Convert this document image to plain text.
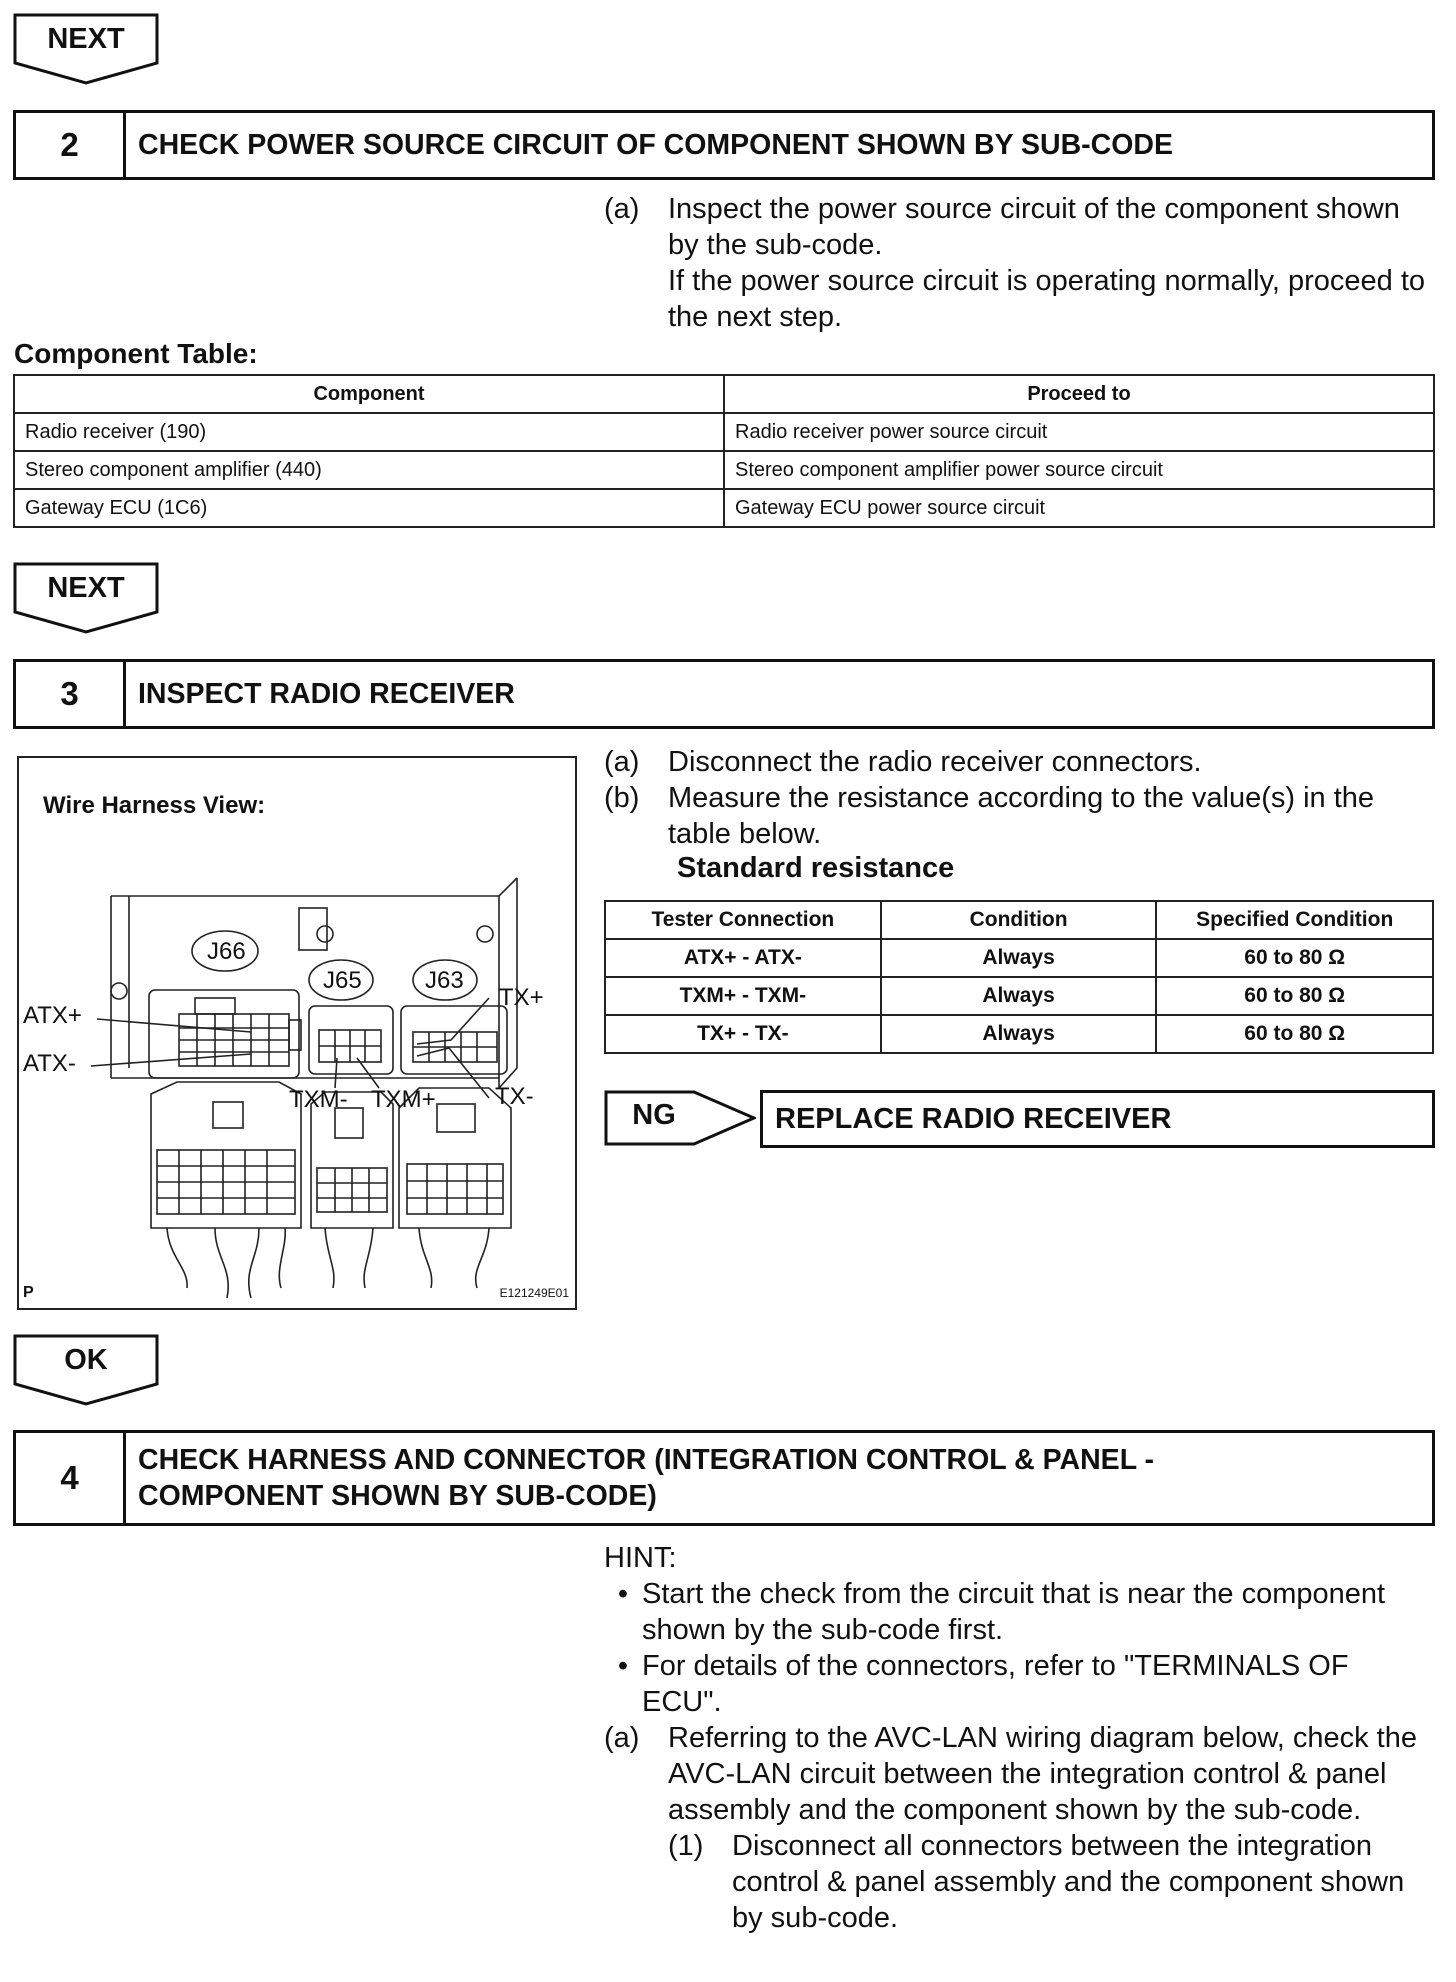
NEXT
2	CHECK POWER SOURCE CIRCUIT OF COMPONENT SHOWN BY SUB-CODE
(a) Inspect the power source circuit of the component shown by the sub-code.
If the power source circuit is operating normally, proceed to the next step.
Component Table:
Component	Proceed to
Radio receiver (190)	Radio receiver power source circuit
Stereo component amplifier (440)	Stereo component amplifier power source circuit
Gateway ECU (1C6)	Gateway ECU power source circuit
NEXT
3	INSPECT RADIO RECEIVER
Wire Harness View:
J66
J65	J63
ATX+
ATX-
TXM- TXM+
TX+
TX-
P	E121249E01
(a) Disconnect the radio receiver connectors.
(b) Measure the resistance according to the value(s) in the table below.
Standard resistance
Tester Connection	Condition	Specified Condition
ATX+ - ATX-	Always	60 to 80 Ω
TXM+ - TXM-	Always	60 to 80 Ω
TX+ - TX-	Always	60 to 80 Ω
NG	REPLACE RADIO RECEIVER
OK
4	CHECK HARNESS AND CONNECTOR (INTEGRATION CONTROL & PANEL -
COMPONENT SHOWN BY SUB-CODE)
HINT:
• Start the check from the circuit that is near the component shown by the sub-code first.
• For details of the connectors, refer to "TERMINALS OF ECU".
(a) Referring to the AVC-LAN wiring diagram below, check the AVC-LAN circuit between the integration control & panel assembly and the component shown by the sub-code.
(1) Disconnect all connectors between the integration control & panel assembly and the component shown by sub-code.
